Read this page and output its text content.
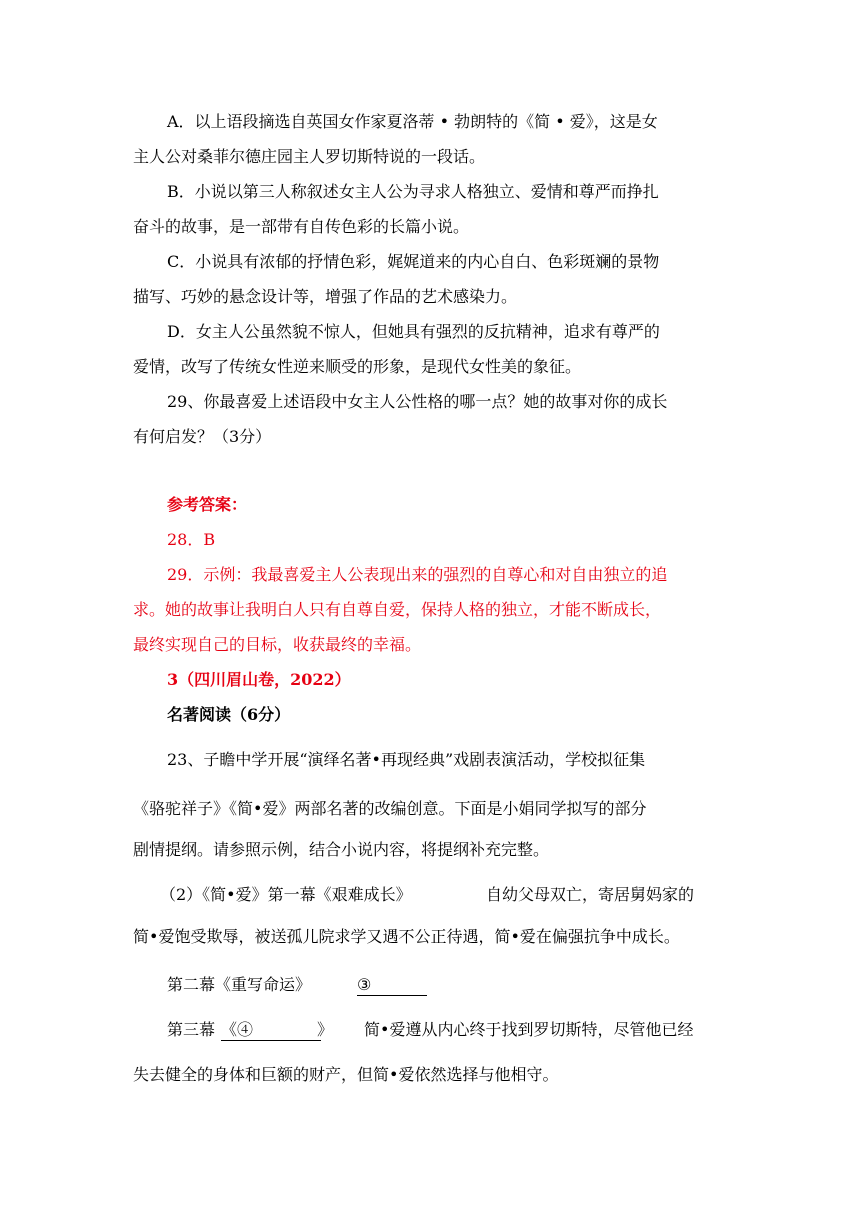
A．以上语段摘选自英国女作家夏洛蒂 • 勃朗特的《简 • 爱》，这是女
主人公对桑菲尔德庄园主人罗切斯特说的一段话。
B．小说以第三人称叙述女主人公为寻求人格独立、爱情和尊严而挣扎
奋斗的故事，是一部带有自传色彩的长篇小说。
C．小说具有浓郁的抒情色彩，娓娓道来的内心自白、色彩斑斓的景物
描写、巧妙的悬念设计等，增强了作品的艺术感染力。
D．女主人公虽然貌不惊人，但她具有强烈的反抗精神，追求有尊严的
爱情，改写了传统女性逆来顺受的形象，是现代女性美的象征。
29、你最喜爱上述语段中女主人公性格的哪一点？她的故事对你的成长
有何启发？（3分）
参考答案：
28．B
29．示例：我最喜爱主人公表现出来的强烈的自尊心和对自由独立的追
求。她的故事让我明白人只有自尊自爱，保持人格的独立，才能不断成长，
最终实现自己的目标，收获最终的幸福。
3（四川眉山卷，2022）
名著阅读（6分）
23、子瞻中学开展“演绎名著•再现经典”戏剧表演活动，学校拟征集
《骆驼祥子》《简•爱》两部名著的改编创意。下面是小娟同学拟写的部分
剧情提纲。请参照示例，结合小说内容，将提纲补充完整。
（2）《简•爱》第一幕《艰难成长》	自幼父母双亡，寄居舅妈家的
简•爱饱受欺辱，被送孤儿院求学又遇不公正待遇，简•爱在偏强抗争中成长。
第二幕《重写命运》	③
第三幕 《④　　　　》 简•爱遵从内心终于找到罗切斯特，尽管他已经
失去健全的身体和巨额的财产，但简•爱依然选择与他相守。
